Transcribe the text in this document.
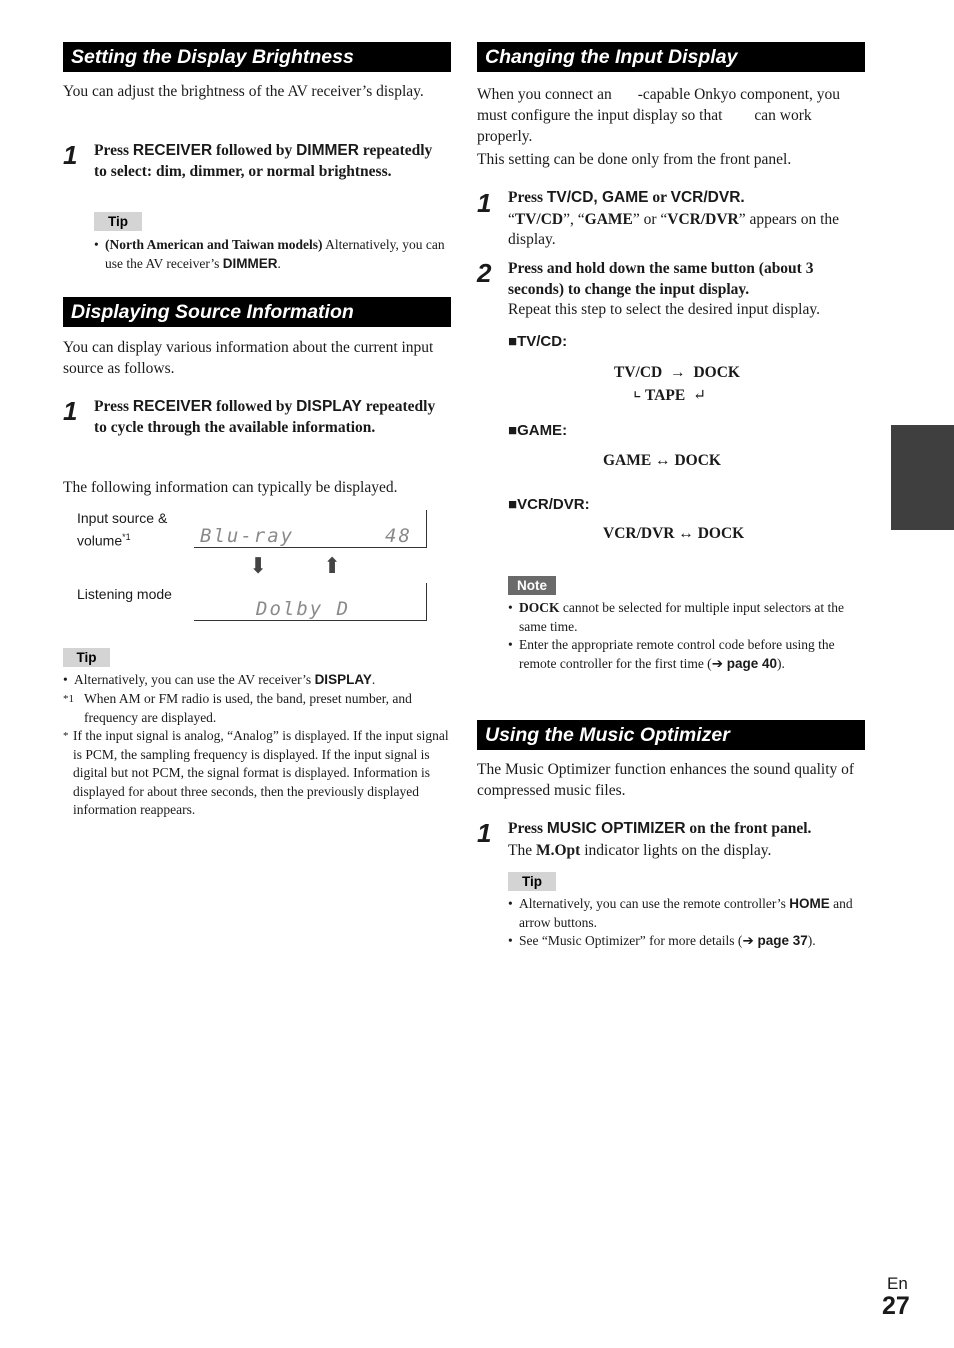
Setting the Display Brightness

You can adjust the brightness of the AV receiver’s display.

1 Press RECEIVER followed by DIMMER repeatedly to select: dim, dimmer, or normal brightness.
Tip
• (North American and Taiwan models) Alternatively, you can use the AV receiver’s DIMMER.
Displaying Source Information

You can display various information about the current input source as follows.

1 Press RECEIVER followed by DISPLAY repeatedly to cycle through the available information.

The following information can typically be displayed.

Input source &
volume$^{*1}$	Blu-ray	48
⬇	⬆
Listening mode
Dolby D
Tip
• Alternatively, you can use the AV receiver’s DISPLAY.
*1 When AM or FM radio is used, the band, preset number, and frequency are displayed.
* If the input signal is analog, “Analog” is displayed. If the input signal is PCM, the sampling frequency is displayed. If the input signal is digital but not PCM, the signal format is displayed. Information is displayed for about three seconds, then the previously displayed information reappears.
Changing the Input Display
When you connect an -capable Onkyo component, you must configure the input display so that can work properly.

This setting can be done only from the front panel.

1 Press TV/CD, GAME or VCR/DVR.
“TV/CD”, “GAME” or “VCR/DVR” appears on the display.
2 Press and hold down the same button (about 3 seconds) to change the input display.
Repeat this step to select the desired input display.
■TV/CD:
TV/CD → DOCK
⌞ TAPE ↵
■GAME:
GAME ↔ DOCK
■VCR/DVR:
VCR/DVR ↔ DOCK
Note
• DOCK cannot be selected for multiple input selectors at the same time.
• Enter the appropriate remote control code before using the remote controller for the first time (➔ page 40).
Using the Music Optimizer

The Music Optimizer function enhances the sound quality of compressed music files.

1 Press MUSIC OPTIMIZER on the front panel.
The M.Opt indicator lights on the display.
Tip
• Alternatively, you can use the remote controller’s HOME and arrow buttons.
• See “Music Optimizer” for more details (➔ page 37).
En
27
